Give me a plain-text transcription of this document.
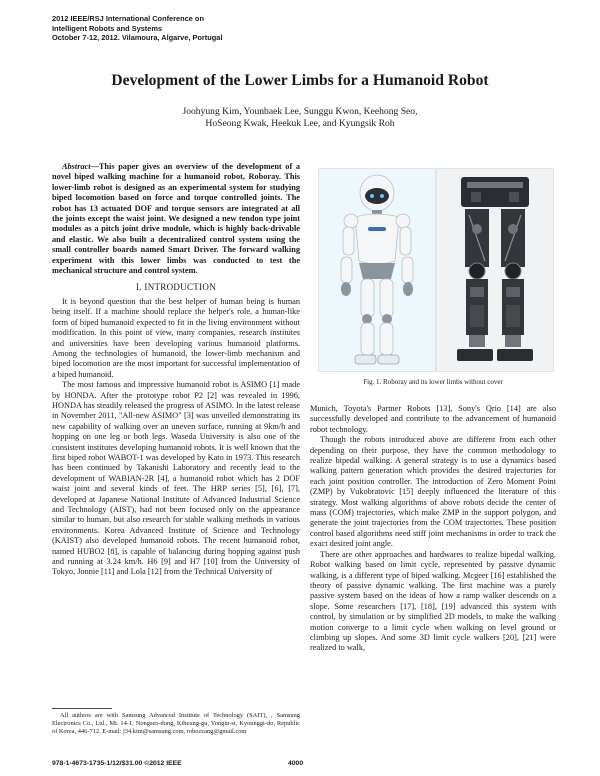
2012 IEEE/RSJ International Conference on
Intelligent Robots and Systems
October 7-12, 2012. Vilamoura, Algarve, Portugal
Development of the Lower Limbs for a Humanoid Robot
Joohyung Kim, Younbaek Lee, Sunggu Kwon, Keehong Seo,
HoSeong Kwak, Heekuk Lee, and Kyungsik Roh

Abstract—This paper gives an overview of the development of a novel biped walking machine for a humanoid robot, Roboray. This lower-limb robot is designed as an experimental system for studying biped locomotion based on force and torque controlled joints. The robot has 13 actuated DOF and torque sensors are integrated at all the joints except the waist joint. We designed a new tendon type joint modules as a pitch joint drive module, which is highly back-drivable and elastic. We also built a decentralized control system using the small controller boards named Smart Driver. The forward walking experiment with this lower limbs was conducted to test the mechanical structure and control system.

I. INTRODUCTION

It is beyond question that the best helper of human being is human being itself. If a machine should replace the helper's role, a human-like form of biped humanoid expected to fit in the living environment without modification. In this point of view, many companies, research institutes and universities have been developing various humanoid platforms. Among the technologies of humanoid, the lower-limb mechanism and biped locomotion are the most important for successful implementation of a biped humanoid.

The most famous and impressive humanoid robot is ASIMO [1] made by HONDA. After the prototype robot P2 [2] was revealed in 1996, HONDA has steadily released the progress of ASIMO. In the latest release in November 2011, "All-new ASIMO" [3] was unveiled demonstrating its new capability of walking over an uneven surface, running at 9km/h and hopping on one leg or both legs. Waseda University is also one of the consistent institutes developing humanoid robots. It is well known that the first biped robot WABOT-1 was developed by Kato in 1973. This research has been continued by Takanishi Laboratory and recently lead to the development of WABIAN-2R [4], a humanoid robot which has 2 DOF waist joint and several kinds of feet. The HRP series [5], [6], [7], developed at Japanese National Institute of Advanced Industrial Science and Technology (AIST), had not been focused only on the appearance similar to human, but also research for stable walking methods in various environments. Korea Advanced Institute of Science and Technology (KAIST) also developed humanoid robots. The recent humanoid robot, named HUBO2 [8], is capable of balancing during hopping against push and running at 3.24 km/h. H6 [9] and H7 [10] from the University of Tokyo, Jonnie [11] and Lola [12] from the Technical University of

Fig. 1. Roboray and its lower limbs without cover

Munich, Toyota's Partner Robots [13], Sony's Qrio [14] are also successfully developed and contribute to the advancement of humanoid robot technology.

Though the robots introduced above are different from each other depending on their purpose, they have the common methodology to realize bipedal walking. A general strategy is to use a dynamics based walking pattern generation which provides the desired trajectories for each joint position controller. The introduction of Zero Moment Point (ZMP) by Vukobratovic [15] deeply influenced the literature of this strategy. Most walking algorithms of above robots decide the center of mass (COM) trajectories, which make ZMP in the support polygon, and generate the joint trajectories from the COM trajectories. These position control based algorithms need stiff joint mechanisms in order to track the exact desired joint angle.

There are other approaches and hardwares to realize bipedal walking. Robot walking based on limit cycle, represented by passive dynamic walking, is a different type of biped walking. Mcgeer [16] established the theory of passive dynamic walking. The first machine was a purely passive system based on the ideas of how a ramp walker descends on a slope. Some researchers [17], [18], [19] advanced this system with control, by simulation or by simplified 2D models, to make the walking motion converge to a limit cycle when walking on level ground or climbing up slopes. And some 3D limit cycle walkers [20], [21] were realized to walk,

All authors are with Samsung Advanced Institute of Technology (SAIT), , Samsung Electronics Co., Ltd., Mt. 14-1, Nongseo-dong, Kiheung-gu, Yongin-si, Kyounggi-do, Republic of Korea, 446-712. E-mail: j34.kim@samsung.com, robozzang@gmail.com
978-1-4673-1735-1/12/$31.00 ©2012 IEEE	4000
